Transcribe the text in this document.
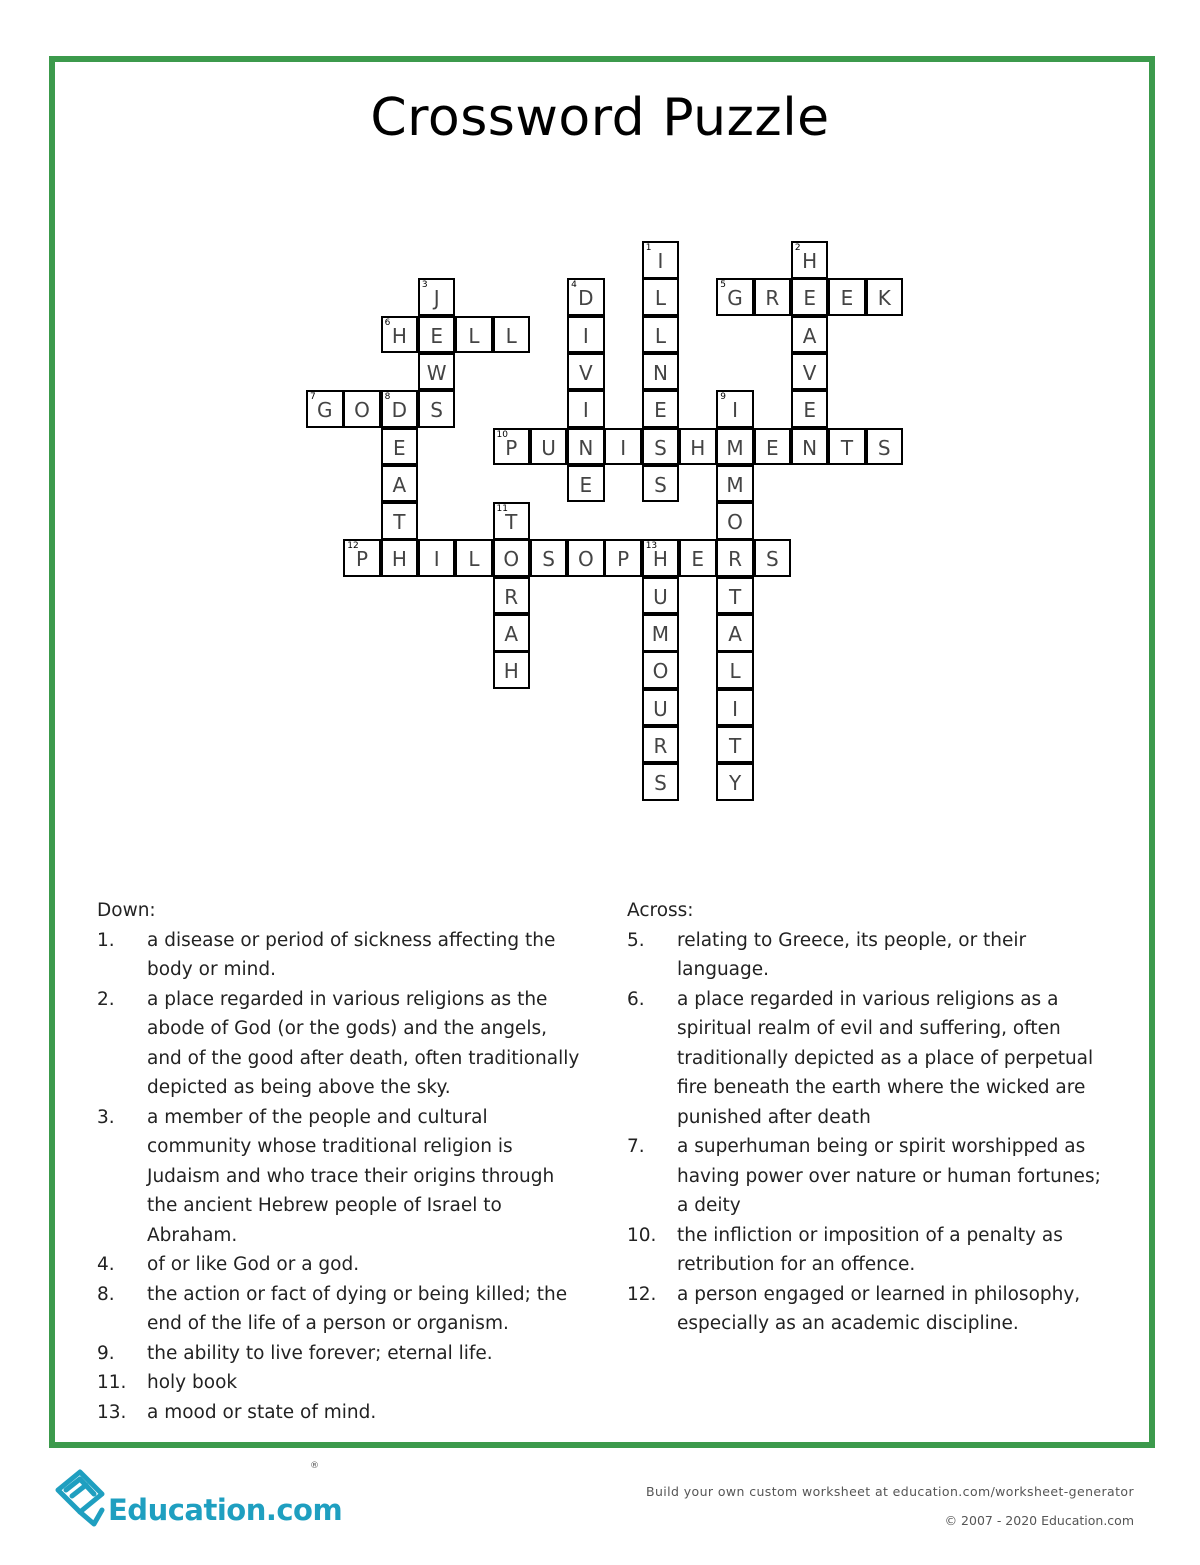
Crossword Puzzle
1
I
2
H
3
J
4
D	L
5
G	R	E	E	K
6
H	E	L	L	I	L	A
W	V	N	V
7
G	O
8
D	S	I	E
9
I	E
E
10
P	U	N	I	S	H	M	E	N	T	S
A	E	S	M
T
11
T	O
12
P	H	I	L	O	S	O	P
13
H	E	R	S
R	U	T
A	M	A
H	O	L
U	I
R	T
S	Y
Down:
1. a disease or period of sickness affecting the body or mind.
2. a place regarded in various religions as the abode of God (or the gods) and the angels, and of the good after death, often traditionally depicted as being above the sky.
3. a member of the people and cultural community whose traditional religion is Judaism and who trace their origins through the ancient Hebrew people of Israel to Abraham.
4. of or like God or a god.
8. the action or fact of dying or being killed; the end of the life of a person or organism.
9. the ability to live forever; eternal life.
11. holy book
13. a mood or state of mind.
Across:
5. relating to Greece, its people, or their language.
6. a place regarded in various religions as a spiritual realm of evil and suffering, often traditionally depicted as a place of perpetual fire beneath the earth where the wicked are punished after death
7. a superhuman being or spirit worshipped as having power over nature or human fortunes; a deity
10. the infliction or imposition of a penalty as retribution for an offence.
12. a person engaged or learned in philosophy, especially as an academic discipline.
Education.com
®
Build your own custom worksheet at education.com/worksheet-generator
© 2007 - 2020 Education.com
